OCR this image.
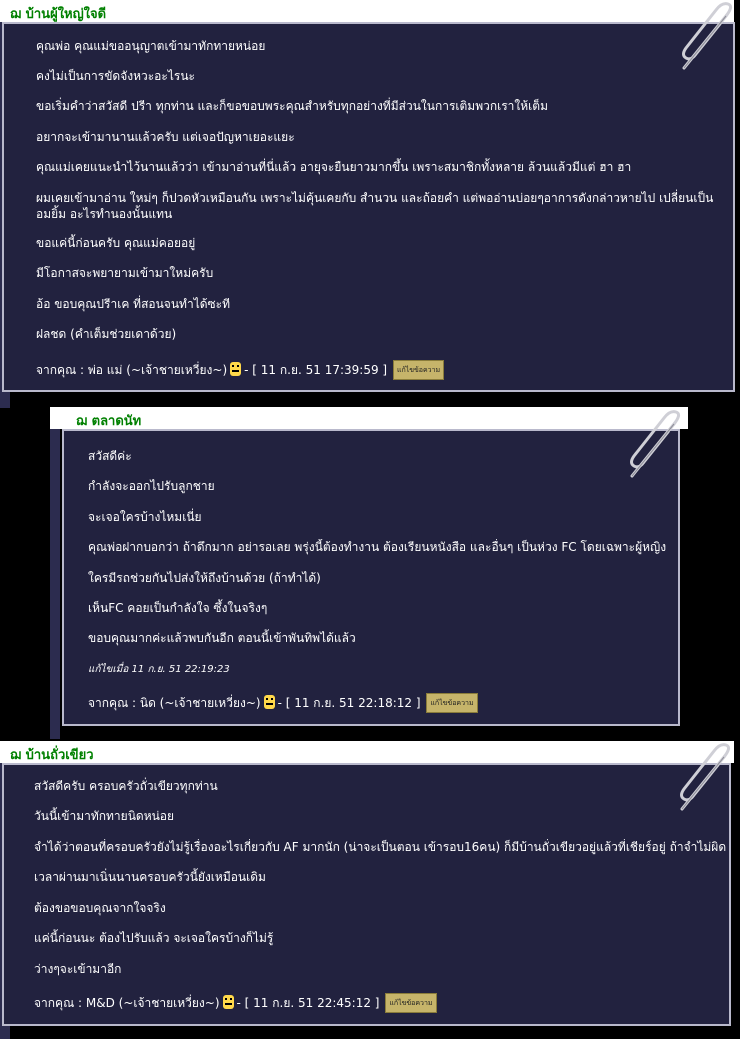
ฌ บ้านผู้ใหญ่ใจดี
คุณพ่อ คุณแม่ขออนุญาตเข้ามาทักทายหน่อย
คงไม่เป็นการขัดจังหวะอะไรนะ
ขอเริ่มคำว่าสวัสดี ปรีา ทุกท่าน และก็ขอขอบพระคุณสำหรับทุกอย่างที่มีส่วนในการเติมพวกเราให้เต็ม
อยากจะเข้ามานานแล้วครับ แต่เจอปัญหาเยอะแยะ
คุณแม่เคยแนะนำไว้นานแล้วว่า เข้ามาอ่านที่นี่แล้ว อายุจะยืนยาวมากขึ้น เพราะสมาชิกทั้งหลาย ล้วนแล้วมีแต่ ฮา ฮา
ผมเคยเข้ามาอ่าน ใหม่ๆ ก็ปวดหัวเหมือนกัน เพราะไม่คุ้นเคยกับ สำนวน และถ้อยคำ แต่พออ่านบ่อยๆอาการดังกล่าวหายไป เปลี่ยนเป็นอมยิ้ม อะไรทำนองนั้นแทน
ขอแค่นี้ก่อนครับ คุณแม่คอยอยู่
มีโอกาสจะพยายามเข้ามาใหม่ครับ
อ้อ ขอบคุณปรีาเค ที่สอนจนทำได้ซะที
ฝลชด (คำเต็มช่วยเดาด้วย)
จากคุณ : พ่อ แม่ (~เจ้าชายเหวี่ยง~) - [ 11 ก.ย. 51 17:39:59 ] แก้ไขข้อความ
ฌ ตลาดนัท
สวัสดีค่ะ
กำลังจะออกไปรับลูกชาย
จะเจอใครบ้างไหมเนี่ย
คุณพ่อฝากบอกว่า ถ้าดึกมาก อย่ารอเลย พรุ่งนี้ต้องทำงาน ต้องเรียนหนังสือ และอื่นๆ เป็นห่วง FC โดยเฉพาะผู้หญิง
ใครมีรถช่วยกันไปส่งให้ถึงบ้านด้วย (ถ้าทำได้)
เห็นFC คอยเป็นกำลังใจ ซึ้งในจริงๆ
ขอบคุณมากค่ะแล้วพบกันอีก ตอนนี้เข้าพันทิพได้แล้ว
แก้ไขเมื่อ 11 ก.ย. 51 22:19:23
จากคุณ : นิด (~เจ้าชายเหวี่ยง~) - [ 11 ก.ย. 51 22:18:12 ] แก้ไขข้อความ
ฌ บ้านถั่วเขียว
สวัสดีครับ ครอบครัวถั่วเขียวทุกท่าน
วันนี้เข้ามาทักทายนิดหน่อย
จำได้ว่าตอนที่ครอบครัวยังไม่รู้เรื่องอะไรเกี่ยวกับ AF มากนัก (น่าจะเป็นตอน เข้ารอบ16คน) ก็มีบ้านถั่วเขียวอยู่แล้วที่เชียร์อยู่ ถ้าจำไม่ผิด
เวลาผ่านมาเนิ่นนานครอบครัวนี้ยังเหมือนเดิม
ต้องขอขอบคุณจากใจจริง
แค่นี้ก่อนนะ ต้องไปรับแล้ว จะเจอใครบ้างก็ไม่รู้
ว่างๆจะเข้ามาอีก
จากคุณ : M&D (~เจ้าชายเหวี่ยง~) - [ 11 ก.ย. 51 22:45:12 ] แก้ไขข้อความ
